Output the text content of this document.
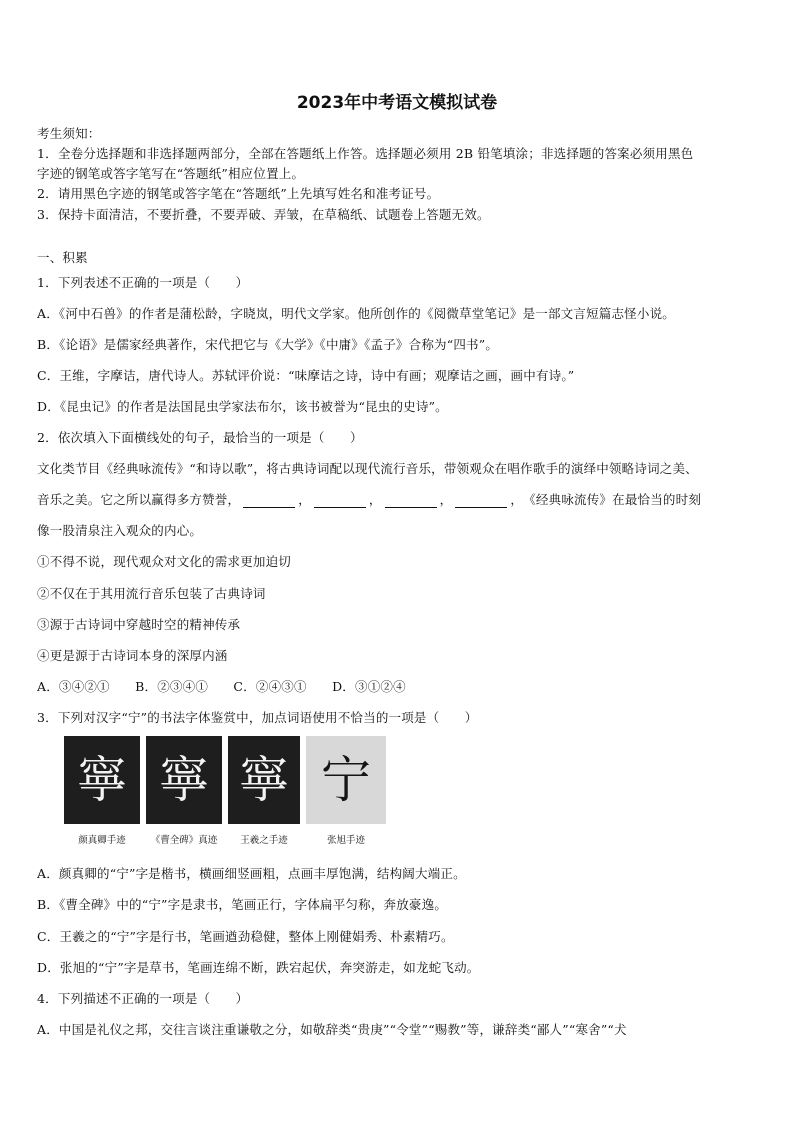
2023年中考语文模拟试卷
考生须知：
1．全卷分选择题和非选择题两部分，全部在答题纸上作答。选择题必须用 2B 铅笔填涂；非选择题的答案必须用黑色
字迹的钢笔或答字笔写在“答题纸”相应位置上。
2．请用黑色字迹的钢笔或答字笔在“答题纸”上先填写姓名和准考证号。
3．保持卡面清洁，不要折叠，不要弄破、弄皱，在草稿纸、试题卷上答题无效。
一、积累
1．下列表述不正确的一项是（　　）
A．《河中石兽》的作者是蒲松龄，字晓岚，明代文学家。他所创作的《阅微草堂笔记》是一部文言短篇志怪小说。
B．《论语》是儒家经典著作，宋代把它与《大学》《中庸》《孟子》合称为“四书”。
C．王维，字摩诘，唐代诗人。苏轼评价说：“味摩诘之诗，诗中有画；观摩诘之画，画中有诗。”
D．《昆虫记》的作者是法国昆虫学家法布尔，该书被誉为“昆虫的史诗”。
2．依次填入下面横线处的句子，最恰当的一项是（　　）
文化类节目《经典咏流传》“和诗以歌”，将古典诗词配以现代流行音乐，带领观众在唱作歌手的演绎中领略诗词之美、
音乐之美。它之所以赢得多方赞誉，	，	，	，	，　《经典咏流传》在最恰当的时刻
像一股清泉注入观众的内心。
①不得不说，现代观众对文化的需求更加迫切
②不仅在于其用流行音乐包装了古典诗词
③源于古诗词中穿越时空的精神传承
④更是源于古诗词本身的深厚内涵
A．③④②①　　B．②③④①　　C．②④③①　　D．③①②④
3．下列对汉字“宁”的书法字体鉴赏中，加点词语使用不恰当的一项是（　　）
寧 寧 寧 宁
颜真卿手迹	《曹全碑》真迹 王羲之手迹	张旭手迹
A．颜真卿的“宁”字是楷书，横画细竖画粗，点画丰厚饱满，结构阔大端正。
B．《曹全碑》中的“宁”字是隶书，笔画正行，字体扁平匀称，奔放豪逸。
C．王羲之的“宁”字是行书，笔画遒劲稳健，整体上刚健娟秀、朴素精巧。
D．张旭的“宁”字是草书，笔画连绵不断，跌宕起伏，奔突游走，如龙蛇飞动。
4．下列描述不正确的一项是（　　）
A．中国是礼仪之邦，交往言谈注重谦敬之分，如敬辞类“贵庚”“令堂”“赐教”等，谦辞类“鄙人”“寒舍”“犬
